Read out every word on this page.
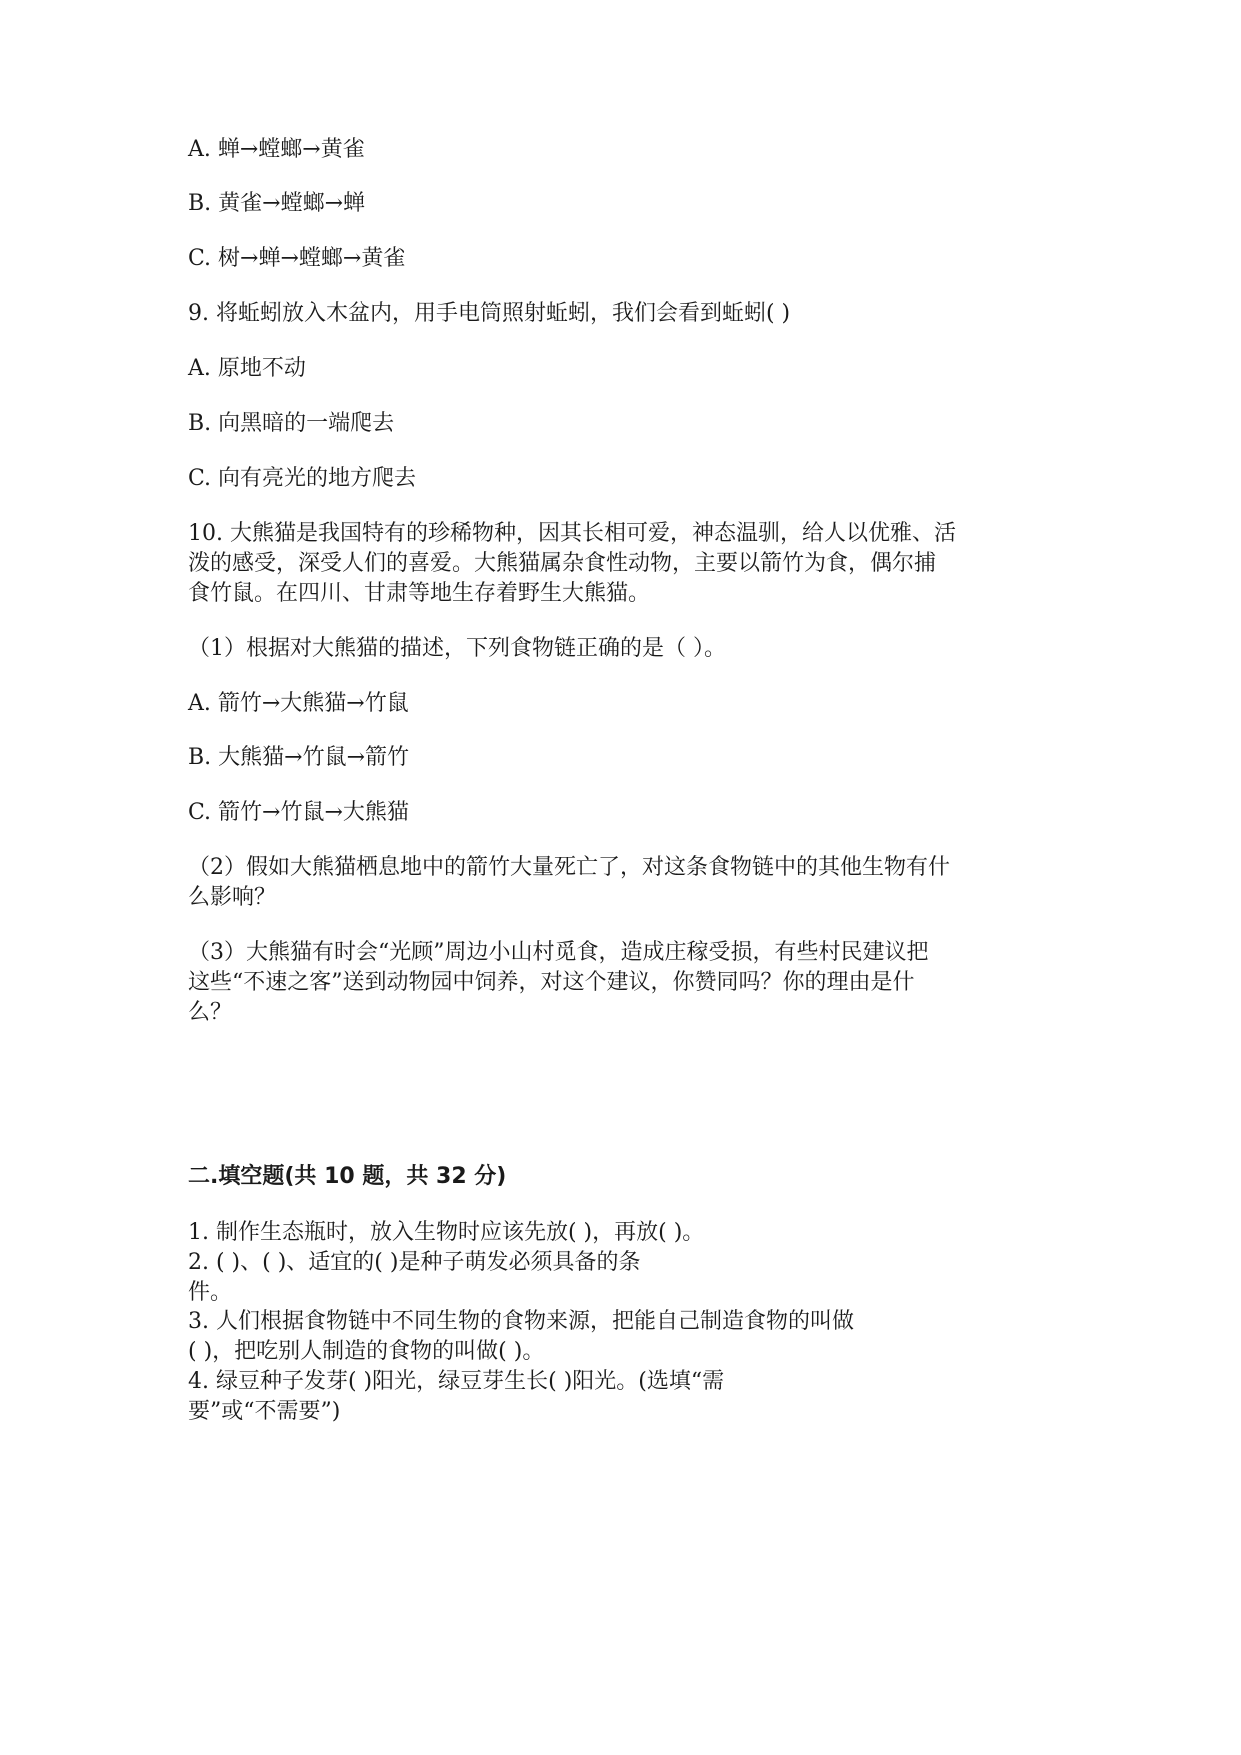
A. 蝉→螳螂→黄雀
B. 黄雀→螳螂→蝉
C. 树→蝉→螳螂→黄雀
9. 将蚯蚓放入木盆内，用手电筒照射蚯蚓，我们会看到蚯蚓( )
A. 原地不动
B. 向黑暗的一端爬去
C. 向有亮光的地方爬去
10. 大熊猫是我国特有的珍稀物种，因其长相可爱，神态温驯，给人以优雅、活
泼的感受，深受人们的喜爱。大熊猫属杂食性动物，主要以箭竹为食，偶尔捕
食竹鼠。在四川、甘肃等地生存着野生大熊猫。
（1）根据对大熊猫的描述，下列食物链正确的是（ ）。
A. 箭竹→大熊猫→竹鼠
B. 大熊猫→竹鼠→箭竹
C. 箭竹→竹鼠→大熊猫
（2）假如大熊猫栖息地中的箭竹大量死亡了，对这条食物链中的其他生物有什
么影响？
（3）大熊猫有时会“光顾”周边小山村觅食，造成庄稼受损，有些村民建议把
这些“不速之客”送到动物园中饲养，对这个建议，你赞同吗？你的理由是什
么？
二.填空题(共 10 题，共 32 分)
1. 制作生态瓶时，放入生物时应该先放( )，再放( )。
2. ( )、( )、适宜的( )是种子萌发必须具备的条
件。
3. 人们根据食物链中不同生物的食物来源，把能自己制造食物的叫做
( )，把吃别人制造的食物的叫做( )。
4. 绿豆种子发芽( )阳光，绿豆芽生长( )阳光。(选填“需
要”或“不需要”)
